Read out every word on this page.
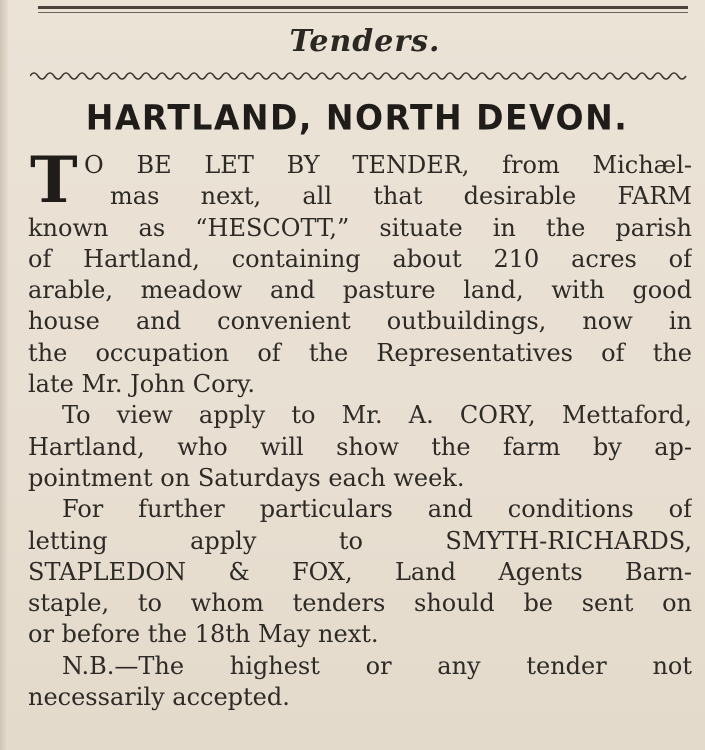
Tenders.
HARTLAND, NORTH DEVON.
T O BE LET BY TENDER, from Michæl-
mas next, all that desirable FARM
known as “HESCOTT,” situate in the parish
of Hartland, containing about 210 acres of
arable, meadow and pasture land, with good
house and convenient outbuildings, now in
the occupation of the Representatives of the
late Mr. John Cory.
To view apply to Mr. A. CORY, Mettaford,
Hartland, who will show the farm by ap-
pointment on Saturdays each week.
For further particulars and conditions of
letting apply to SMYTH-RICHARDS,
STAPLEDON & FOX, Land Agents Barn-
staple, to whom tenders should be sent on
or before the 18th May next.
N.B.—The highest or any tender not
necessarily accepted.
